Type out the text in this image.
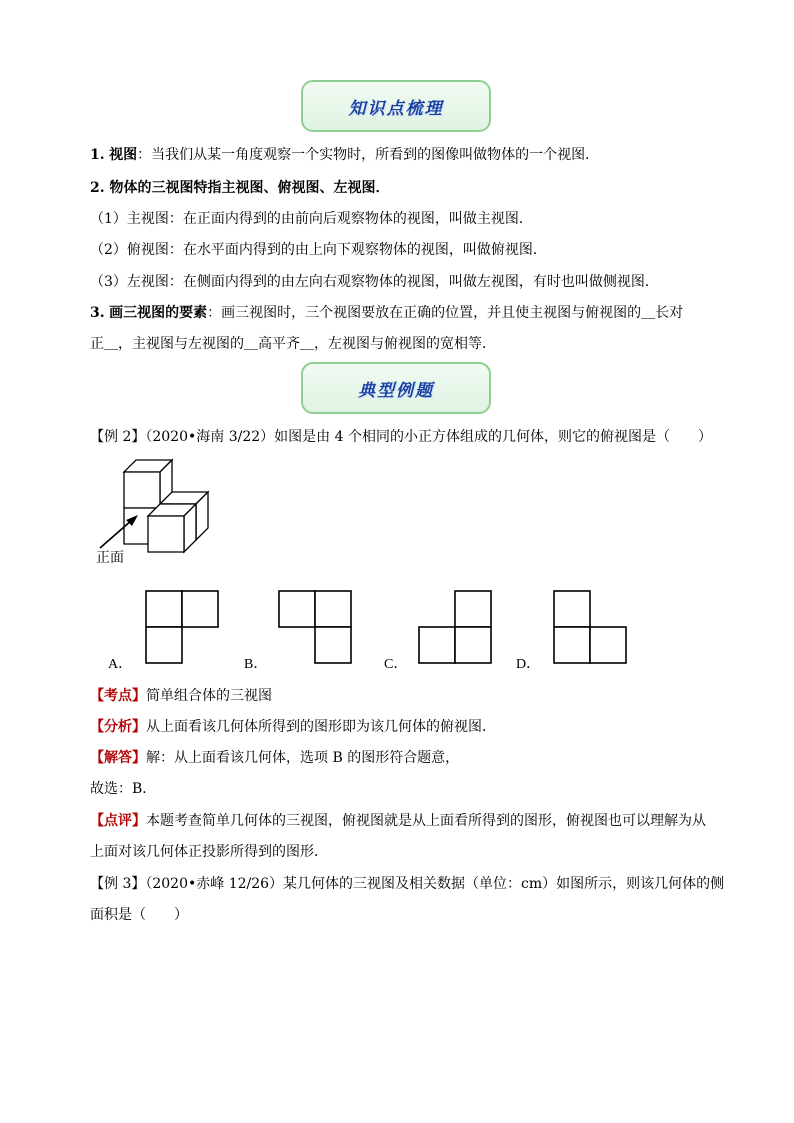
知识点梳理
1. 视图：当我们从某一角度观察一个实物时，所看到的图像叫做物体的一个视图．
2. 物体的三视图特指主视图、俯视图、左视图．
（1）主视图：在正面内得到的由前向后观察物体的视图，叫做主视图．
（2）俯视图：在水平面内得到的由上向下观察物体的视图，叫做俯视图．
（3）左视图：在侧面内得到的由左向右观察物体的视图，叫做左视图，有时也叫做侧视图．
3. 画三视图的要素：画三视图时，三个视图要放在正确的位置，并且使主视图与俯视图的＿长对
正＿，主视图与左视图的＿高平齐＿，左视图与俯视图的宽相等．
典型例题
【例 2】（2020•海南 3/22）如图是由 4 个相同的小正方体组成的几何体，则它的俯视图是（　　）
正面
A．	B．	C．	D．
【考点】简单组合体的三视图
【分析】从上面看该几何体所得到的图形即为该几何体的俯视图．
【解答】解：从上面看该几何体，选项 B 的图形符合题意，
故选：B．
【点评】本题考查简单几何体的三视图，俯视图就是从上面看所得到的图形，俯视图也可以理解为从
上面对该几何体正投影所得到的图形．
【例 3】（2020•赤峰 12/26）某几何体的三视图及相关数据（单位：cm）如图所示，则该几何体的侧
面积是（　　）
